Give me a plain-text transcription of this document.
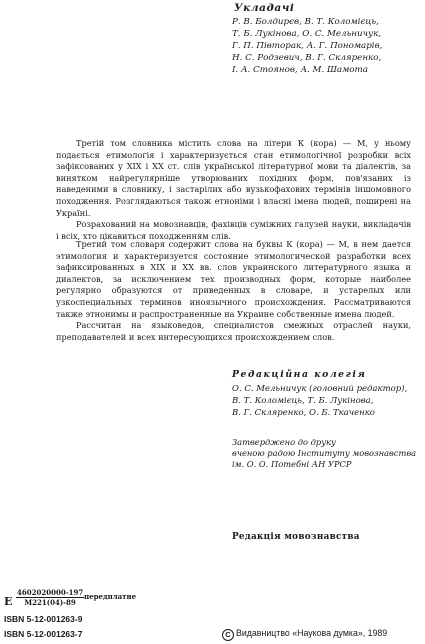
Укладачі
Р. В. Болдирєв, В. Т. Коломієць,
Т. Б. Лукінова, О. С. Мельничук,
Г. П. Півторак, А. Г. Пономарів,
Н. С. Родзевич, В. Г. Скляренко,
І. А. Стоянов, А. М. Шамота

Третій том словника містить слова на літери К (кора) — М, у ньому подається етимологія і характеризується стан етимологічної розробки всіх зафіксованих у XIX і XX ст. слів української літературної мови та діалектів, за винятком найрегулярніше утворюваних похідних форм, пов'язаних із наведеними в словнику, і застарілих або вузькофахових термінів іншомовного походження. Розглядаються також етноніми і власні імена людей, поширені на Україні.

Розрахований на мовознавців, фахівців суміжних галузей науки, викладачів і всіх, хто цікавиться походженням слів.

Третий том словаря содержит слова на буквы К (кора) — М, в нем дается этимология и характеризуется состояние этимологической разработки всех зафиксированных в XIX и XX вв. слов украинского литературного языка и диалектов, за исключением тех производных форм, которые наиболее регулярно образуются от приведенных в словаре, и устарелых или узкоспециальных терминов иноязычного происхождения. Рассматриваются также этнонимы и распространенные на Украине собственные имена людей.

Рассчитан на языковедов, специалистов смежных отраслей науки, преподавателей и всех интересующихся происхождением слов.

Редакційна колегія
О. С. Мельничук (головний редактор),
В. Т. Коломієць, Т. Б. Лукінова,
В. Г. Скляренко, О. Б. Ткаченко
Затверджено до друку
вченою радою Інституту мовознавства
ім. О. О. Потебні АН УРСР
Редакція мовознавства
Е
4602020000-197
М221(04)-89
передплатне
ISBN 5-12-001263-9
ISBN 5-12-001263-7	C Видавництво «Наукова думка», 1989
